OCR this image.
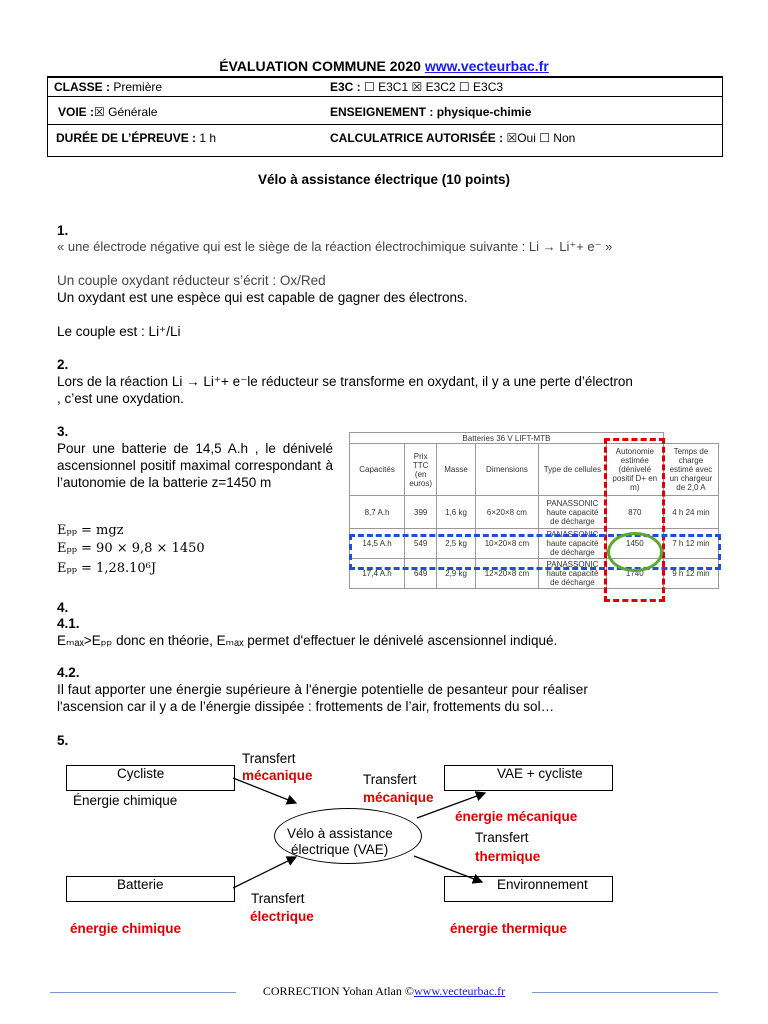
ÉVALUATION COMMUNE 2020 www.vecteurbac.fr
CLASSE : Première	E3C : ☐ E3C1 ☒ E3C2 ☐ E3C3
VOIE :☒ Générale	ENSEIGNEMENT : physique-chimie
DURÉE DE L’ÉPREUVE : 1 h	CALCULATRICE AUTORISÉE : ☒Oui ☐ Non
Vélo à assistance électrique (10 points)
1.
« une électrode négative qui est le siège de la réaction électrochimique suivante : Li → Li⁺+ e⁻ »
Un couple oxydant réducteur s’écrit : Ox/Red
Un oxydant est une espèce qui est capable de gagner des électrons.
Le couple est : Li⁺/Li
2.
Lors de la réaction Li → Li⁺+ e⁻le réducteur se transforme en oxydant, il y a une perte d’électron
, c’est une oxydation.
3.
Pour une batterie de 14,5 A.h , le dénivelé ascensionnel positif maximal correspondant à l’autonomie de la batterie z=1450 m
Eₚₚ = mgz
Eₚₚ = 90 × 9,8 × 1450
Eₚₚ = 1,28.10⁶J
Batteries 36 V LIFT-MTB						
Capacités	Prix TTC (en euros)	Masse	Dimensions	Type de cellules	Autonomie estimée (dénivelé positif D+ en m)	Temps de charge estimé avec un chargeur de 2,0 A
8,7 A.h	399	1,6 kg	6×20×8 cm	PANASSONIC haute capacité de décharge	870	4 h 24 min
14,5 A.h	549	2,5 kg	10×20×8 cm	PANASSONIC haute capacité de décharge	1450	7 h 12 min
17,4 A.h	649	2,9 kg	12×20×8 cm	PANASSONIC haute capacité de décharge	1740	9 h 12 min
4.
4.1.
Eₘₐₓ>Eₚₚ donc en théorie, Eₘₐₓ permet d'effectuer le dénivelé ascensionnel indiqué.
4.2.
Il faut apporter une énergie supérieure à l'énergie potentielle de pesanteur pour réaliser
l'ascension car il y a de l’énergie dissipée : frottements de l’air, frottements du sol…
5.
Cycliste
Énergie chimique
Batterie
énergie chimique
Vélo à assistance
électrique (VAE)
VAE + cycliste
énergie mécanique
Environnement
énergie thermique
Transfert
mécanique	Transfert
mécanique
Transfert
thermique
Transfert
électrique
CORRECTION Yohan Atlan ©www.vecteurbac.fr
